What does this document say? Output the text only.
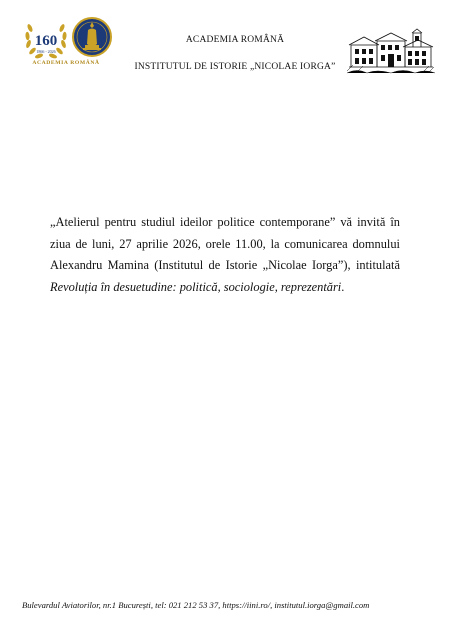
160
1866 - 2026
ACADEMIA ROMÂNĂ
ACADEMIA ROMÂNĂ
INSTITUTUL DE ISTORIE „NICOLAE IORGA”

„Atelierul pentru studiul ideilor politice contemporane” vă invită în ziua de luni, 27 aprilie 2026, orele 11.00, la comunicarea domnului Alexandru Mamina (Institutul de Istorie „Nicolae Iorga”), intitulată Revoluția în desuetudine: politică, sociologie, reprezentări.

Bulevardul Aviatorilor, nr.1 București, tel: 021 212 53 37, https://iini.ro/, institutul.iorga@gmail.com
